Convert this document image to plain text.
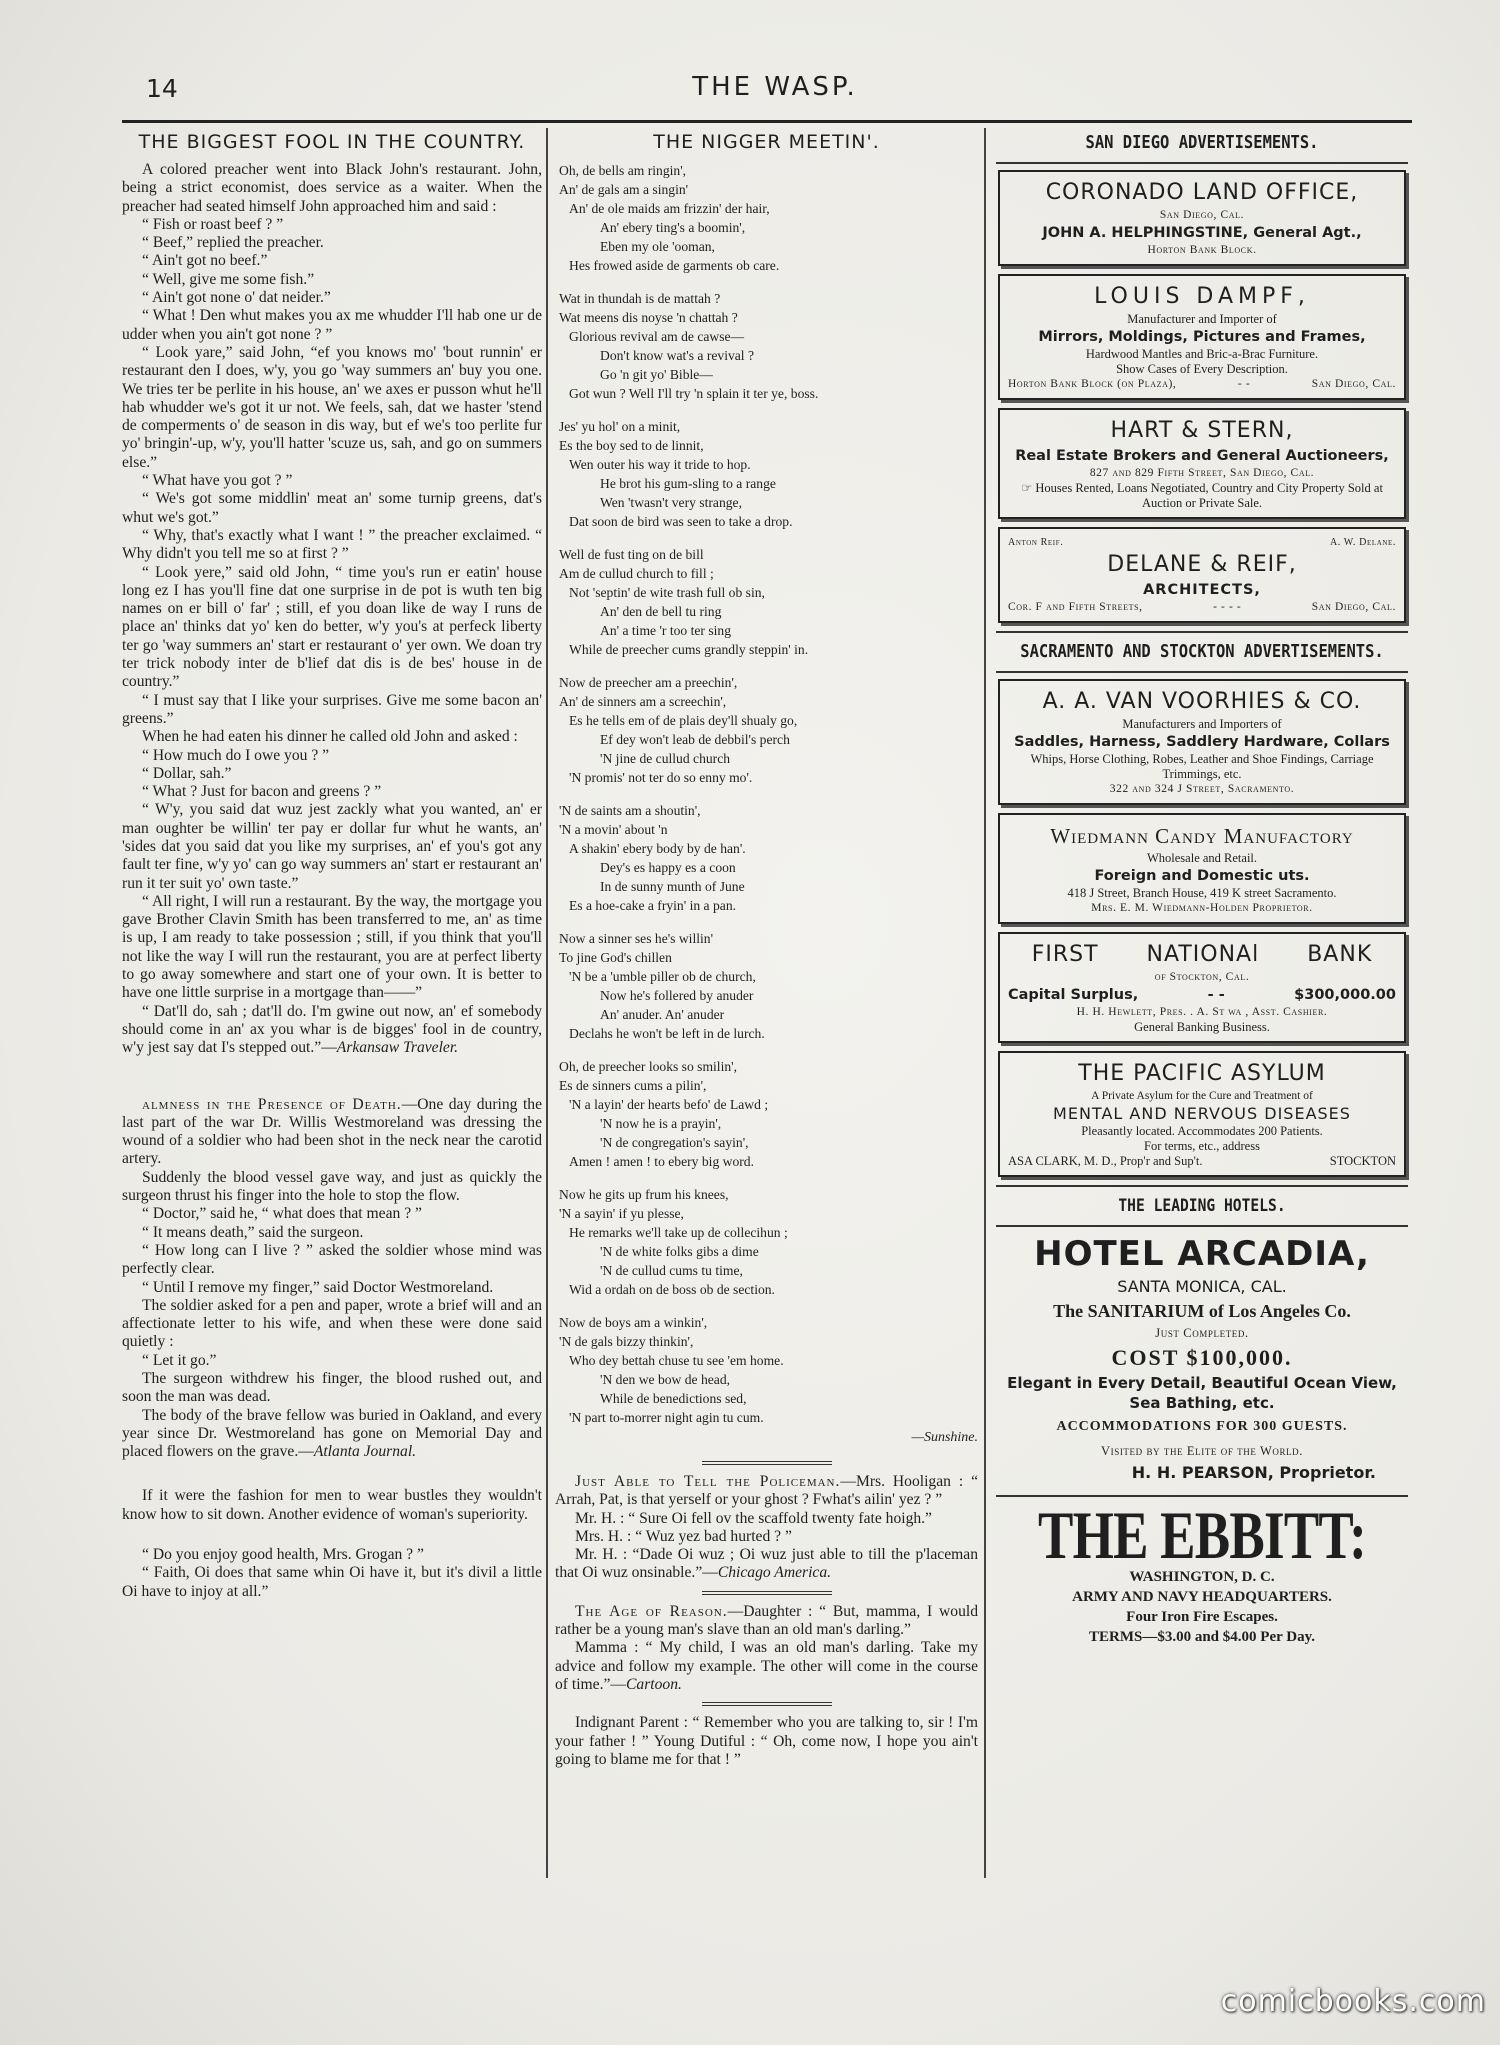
14	THE WASP.
THE BIGGEST FOOL IN THE COUNTRY.

A colored preacher went into Black John's restaurant. John, being a strict economist, does service as a waiter. When the preacher had seated himself John approached him and said :

“ Fish or roast beef ? ”

“ Beef,” replied the preacher.

“ Ain't got no beef.”

“ Well, give me some fish.”

“ Ain't got none o' dat neider.”

“ What ! Den whut makes you ax me whudder I'll hab one ur de udder when you ain't got none ? ”

“ Look yare,” said John, “ef you knows mo' 'bout runnin' er restaurant den I does, w'y, you go 'way summers an' buy you one. We tries ter be perlite in his house, an' we axes er pusson whut he'll hab whudder we's got it ur not. We feels, sah, dat we haster 'stend de comperments o' de season in dis way, but ef we's too perlite fur yo' bringin'-up, w'y, you'll hatter 'scuze us, sah, and go on summers else.”

“ What have you got ? ”

“ We's got some middlin' meat an' some turnip greens, dat's whut we's got.”

“ Why, that's exactly what I want ! ” the preacher exclaimed. “ Why didn't you tell me so at first ? ”

“ Look yere,” said old John, “ time you's run er eatin' house long ez I has you'll fine dat one surprise in de pot is wuth ten big names on er bill o' far' ; still, ef you doan like de way I runs de place an' thinks dat yo' ken do better, w'y you's at perfeck liberty ter go 'way summers an' start er restaurant o' yer own. We doan try ter trick nobody inter de b'lief dat dis is de bes' house in de country.”

“ I must say that I like your surprises. Give me some bacon an' greens.”

When he had eaten his dinner he called old John and asked :

“ How much do I owe you ? ”

“ Dollar, sah.”

“ What ? Just for bacon and greens ? ”

“ W'y, you said dat wuz jest zackly what you wanted, an' er man oughter be willin' ter pay er dollar fur whut he wants, an' 'sides dat you said dat you like my surprises, an' ef you's got any fault ter fine, w'y yo' can go way summers an' start er restaurant an' run it ter suit yo' own taste.”

“ All right, I will run a restaurant. By the way, the mortgage you gave Brother Clavin Smith has been transferred to me, an' as time is up, I am ready to take possession ; still, if you think that you'll not like the way I will run the restaurant, you are at perfect liberty to go away somewhere and start one of your own. It is better to have one little surprise in a mortgage than——”

“ Dat'll do, sah ; dat'll do. I'm gwine out now, an' ef somebody should come in an' ax you whar is de bigges' fool in de country, w'y jest say dat I's stepped out.”—Arkansaw Traveler.

almness in the Presence of Death.—One day during the last part of the war Dr. Willis Westmoreland was dressing the wound of a soldier who had been shot in the neck near the carotid artery.

Suddenly the blood vessel gave way, and just as quickly the surgeon thrust his finger into the hole to stop the flow.

“ Doctor,” said he, “ what does that mean ? ”

“ It means death,” said the surgeon.

“ How long can I live ? ” asked the soldier whose mind was perfectly clear.

“ Until I remove my finger,” said Doctor Westmoreland.

The soldier asked for a pen and paper, wrote a brief will and an affectionate letter to his wife, and when these were done said quietly :

“ Let it go.”

The surgeon withdrew his finger, the blood rushed out, and soon the man was dead.

The body of the brave fellow was buried in Oakland, and every year since Dr. Westmoreland has gone on Memorial Day and placed flowers on the grave.—Atlanta Journal.

If it were the fashion for men to wear bustles they wouldn't know how to sit down. Another evidence of woman's superiority.

“ Do you enjoy good health, Mrs. Grogan ? ”

“ Faith, Oi does that same whin Oi have it, but it's divil a little Oi have to injoy at all.”

THE NIGGER MEETIN'.
Oh, de bells am ringin',
An' de gals am a singin'
An' de ole maids am frizzin' der hair,
An' ebery ting's a boomin',
Eben my ole 'ooman,
Hes frowed aside de garments ob care.
Wat in thundah is de mattah ?
Wat meens dis noyse 'n chattah ?
Glorious revival am de cawse—
Don't know wat's a revival ?
Go 'n git yo' Bible—
Got wun ? Well I'll try 'n splain it ter ye, boss.
Jes' yu hol' on a minit,
Es the boy sed to de linnit,
Wen outer his way it tride to hop.
He brot his gum-sling to a range
Wen 'twasn't very strange,
Dat soon de bird was seen to take a drop.
Well de fust ting on de bill
Am de cullud church to fill ;
Not 'septin' de wite trash full ob sin,
An' den de bell tu ring
An' a time 'r too ter sing
While de preecher cums grandly steppin' in.
Now de preecher am a preechin',
An' de sinners am a screechin',
Es he tells em of de plais dey'll shualy go,
Ef dey won't leab de debbil's perch
'N jine de cullud church
'N promis' not ter do so enny mo'.
'N de saints am a shoutin',
'N a movin' about 'n
A shakin' ebery body by de han'.
Dey's es happy es a coon
In de sunny munth of June
Es a hoe-cake a fryin' in a pan.
Now a sinner ses he's willin'
To jine God's chillen
'N be a 'umble piller ob de church,
Now he's follered by anuder
An' anuder. An' anuder
Declahs he won't be left in de lurch.
Oh, de preecher looks so smilin',
Es de sinners cums a pilin',
'N a layin' der hearts befo' de Lawd ;
'N now he is a prayin',
'N de congregation's sayin',
Amen ! amen ! to ebery big word.
Now he gits up frum his knees,
'N a sayin' if yu plesse,
He remarks we'll take up de collecihun ;
'N de white folks gibs a dime
'N de cullud cums tu time,
Wid a ordah on de boss ob de section.
Now de boys am a winkin',
'N de gals bizzy thinkin',
Who dey bettah chuse tu see 'em home.
'N den we bow de head,
While de benedictions sed,
'N part to-morrer night agin tu cum.
—Sunshine.

Just Able to Tell the Policeman.—Mrs. Hooligan : “ Arrah, Pat, is that yerself or your ghost ? Fwhat's ailin' yez ? ”

Mr. H. : “ Sure Oi fell ov the scaffold twenty fate hoigh.”

Mrs. H. : “ Wuz yez bad hurted ? ”

Mr. H. : “Dade Oi wuz ; Oi wuz just able to till the p'laceman that Oi wuz onsinable.”—Chicago America.

The Age of Reason.—Daughter : “ But, mamma, I would rather be a young man's slave than an old man's darling.”

Mamma : “ My child, I was an old man's darling. Take my advice and follow my example. The other will come in the course of time.”—Cartoon.

Indignant Parent : “ Remember who you are talking to, sir ! I'm your father ! ” Young Dutiful : “ Oh, come now, I hope you ain't going to blame me for that ! ”

SAN DIEGO ADVERTISEMENTS.
CORONADO LAND OFFICE,
San Diego, Cal.
JOHN A. HELPHINGSTINE, General Agt.,
Horton Bank Block.
LOUIS DAMPF,
Manufacturer and Importer of
Mirrors, Moldings, Pictures and Frames,
Hardwood Mantles and Bric-a-Brac Furniture.
Show Cases of Every Description.
Horton Bank Block (on Plaza),	- -	San Diego, Cal.
HART & STERN,
Real Estate Brokers and General Auctioneers,
827 and 829 Fifth Street, San Diego, Cal.
☞ Houses Rented, Loans Negotiated, Country and City Property Sold at Auction or Private Sale.
Anton Reif.	A. W. Delane.
DELANE & REIF,
ARCHITECTS,
Cor. F and Fifth Streets,	- - - -	San Diego, Cal.
SACRAMENTO AND STOCKTON ADVERTISEMENTS.
A. A. VAN VOORHIES & CO.
Manufacturers and Importers of
Saddles, Harness, Saddlery Hardware, Collars
Whips, Horse Clothing, Robes, Leather and Shoe Findings, Carriage Trimmings, etc.
322 and 324 J Street, Sacramento.
Wiedmann Candy Manufactory
Wholesale and Retail.
Foreign and Domestic uts.
418 J Street, Branch House, 419 K street Sacramento.
Mrs. E. M. Wiedmann-Holden Proprietor.
FIRST NATIONAl BANK
of Stockton, Cal.
Capital Surplus,	- -	$300,000.00
H. H. Hewlett, Pres. . A. St wa , Asst. Cashier.
General Banking Business.
THE PACIFIC ASYLUM
A Private Asylum for the Cure and Treatment of
MENTAL AND NERVOUS DISEASES
Pleasantly located. Accommodates 200 Patients.
For terms, etc., address
ASA CLARK, M. D., Prop'r and Sup't.	STOCKTON
THE LEADING HOTELS.
HOTEL ARCADIA,
SANTA MONICA, CAL.
The SANITARIUM of Los Angeles Co.
Just Completed.
COST $100,000.
Elegant in Every Detail, Beautiful Ocean View, Sea Bathing, etc.
ACCOMMODATIONS FOR 300 GUESTS.
Visited by the Elite of the World.
H. H. PEARSON, Proprietor.
THE EBBITT:
WASHINGTON, D. C.
ARMY AND NAVY HEADQUARTERS.
Four Iron Fire Escapes.
TERMS—$3.00 and $4.00 Per Day.
comicbooks.com
